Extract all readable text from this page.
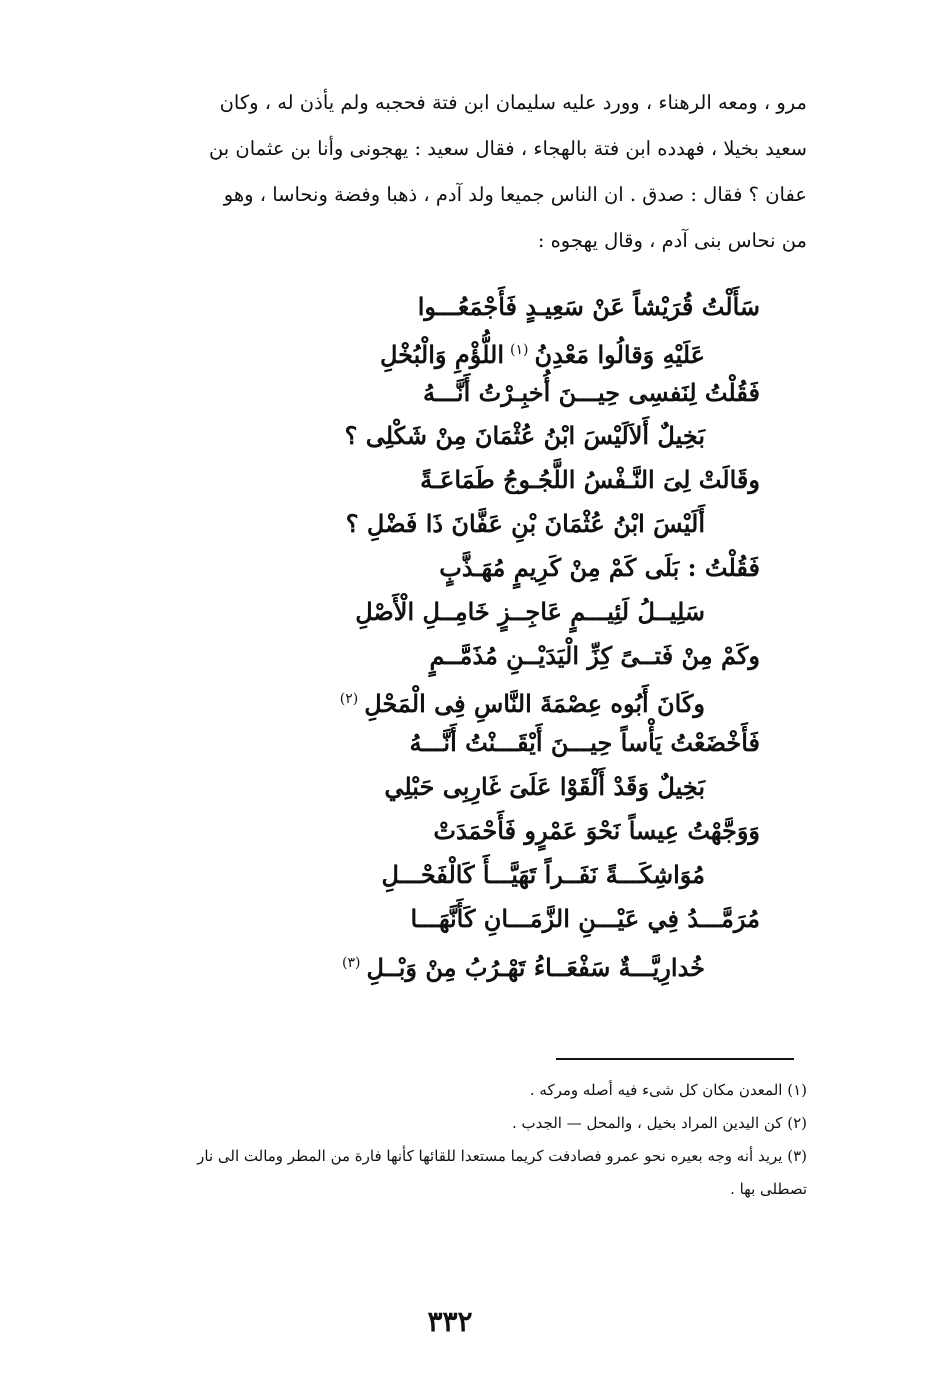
مرو ، ومعه الرهناء ، وورد عليه سليمان ابن فتة فحجبه ولم يأذن له ، وكان

سعيد بخيلا ، فهدده ابن فتة بالهجاء ، فقال سعيد : يهجونى وأنا بن عثمان بن

عفان ؟ فقال : صدق . ان الناس جميعا ولد آدم ، ذهبا وفضة ونحاسا ، وهو

من نحاس بنى آدم ، وقال يهجوه :

سَأَلْتُ قُرَيْشاً عَنْ سَعِيـدٍ فَأَجْمَعُـــوا
عَلَيْهِ وَقالُوا مَعْدِنُ$^{(١)}$اللُّؤْمِ وَالْبُخْلِ
فَقُلْتُ لِنَفسِى حِيـــنَ أُخبِـرْتُ أَنَّـــهُ
بَخِيلٌ أَلاَلَيْسَ ابْنُ عُثْمَانَ مِنْ شَكْلِى ؟
وقَالَتْ لِىَ النَّـفْسُ اللَّجُـوجُ طَمَاعَـةً
أَلَيْسَ ابْنُ عُثْمَانَ بْنِ عَفَّانَ ذَا فَضْلِ ؟
فَقُلْتُ : بَلَى كَمْ مِنْ كَرِيمٍ مُهَـذَّبٍ
سَلِيــلُ لَئِيـــمٍ عَاجِــزٍ خَامِــلِ الْأَصْلِ
وكَمْ مِنْ فَتــىً كِزِّ الْيَدَيْــنِ مُذَمَّــمٍ
وكَانَ أَبُوه عِصْمَةَ النَّاسِ فِى الْمَحْلِ$^{(٢)}$
فَأَخْضَعْتُ يَأْساً حِيـــنَ أَيْقَـــنْتُ أَنَّـــهُ
بَخِيلٌ وَقَدْ أَلْقَوْا عَلَىَ غَارِبِى حَبْلِي
وَوَجَّهْتُ عِيساً نَحْوَ عَمْرٍو فَأَحْمَدَتْ
مُوَاشِكَـــةً نَفَــراً تَهَيَّـــأَ كَالْفَحْـــلِ
مُرَمَّـــدُ فِي عَيْـــنِ الزَّمَـــانِ كَأَنَّهَـــا
خُدارِيَّـــةٌ سَفْعَــاءُ تَهْـرُبُ مِنْ وَبْــلِ$^{(٣)}$

(١) المعدن مكان كل شىء فيه أصله ومركه .

(٢) كن اليدين المراد بخيل ، والمحل — الجدب .

(٣) يريد أنه وجه بعيره نحو عمرو فصادفت كريما مستعدا للقائها كأنها فارة من المطر ومالت الى نار

تصطلى بها .

٣٣٢
